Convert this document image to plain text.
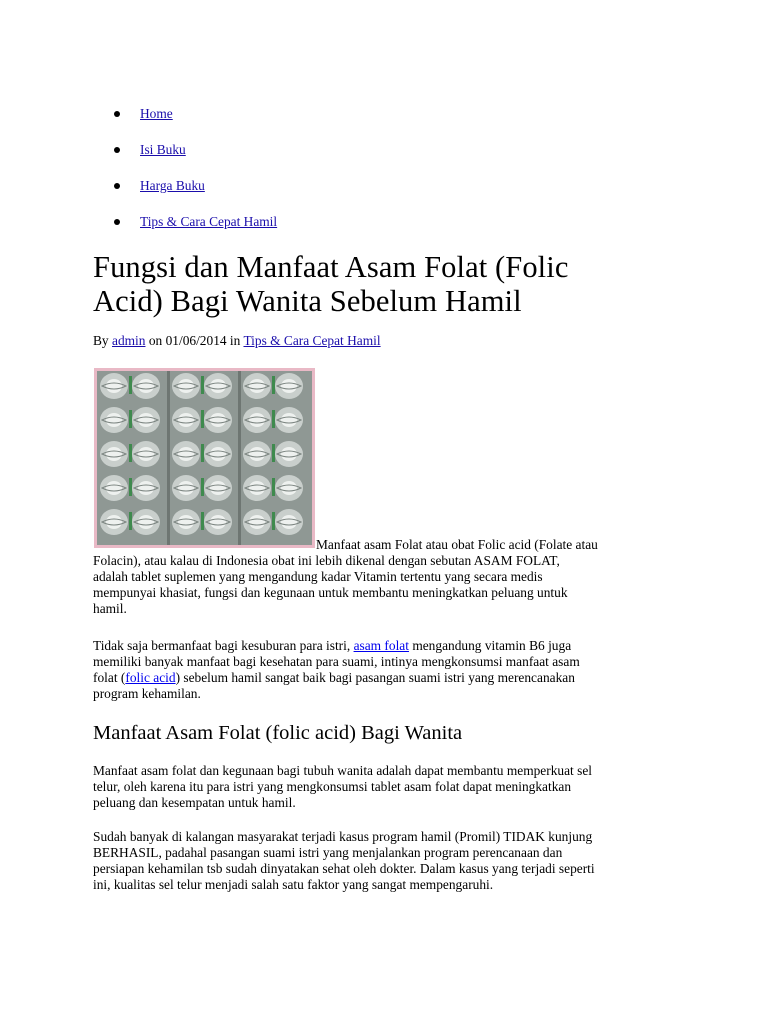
Home
Isi Buku
Harga Buku
Tips & Cara Cepat Hamil
Fungsi dan Manfaat Asam Folat (Folic
Acid) Bagi Wanita Sebelum Hamil
By admin on 01/06/2014 in Tips & Cara Cepat Hamil
Manfaat asam Folat atau obat Folic acid (Folate atau

Folacin), atau kalau di Indonesia obat ini lebih dikenal dengan sebutan ASAM FOLAT,
adalah tablet suplemen yang mengandung kadar Vitamin tertentu yang secara medis
mempunyai khasiat, fungsi dan kegunaan untuk membantu meningkatkan peluang untuk
hamil.

Tidak saja bermanfaat bagi kesuburan para istri, asam folat mengandung vitamin B6 juga
memiliki banyak manfaat bagi kesehatan para suami, intinya mengkonsumsi manfaat asam
folat (folic acid) sebelum hamil sangat baik bagi pasangan suami istri yang merencanakan
program kehamilan.

Manfaat Asam Folat (folic acid) Bagi Wanita

Manfaat asam folat dan kegunaan bagi tubuh wanita adalah dapat membantu memperkuat sel
telur, oleh karena itu para istri yang mengkonsumsi tablet asam folat dapat meningkatkan
peluang dan kesempatan untuk hamil.

Sudah banyak di kalangan masyarakat terjadi kasus program hamil (Promil) TIDAK kunjung
BERHASIL, padahal pasangan suami istri yang menjalankan program perencanaan dan
persiapan kehamilan tsb sudah dinyatakan sehat oleh dokter. Dalam kasus yang terjadi seperti
ini, kualitas sel telur menjadi salah satu faktor yang sangat mempengaruhi.
